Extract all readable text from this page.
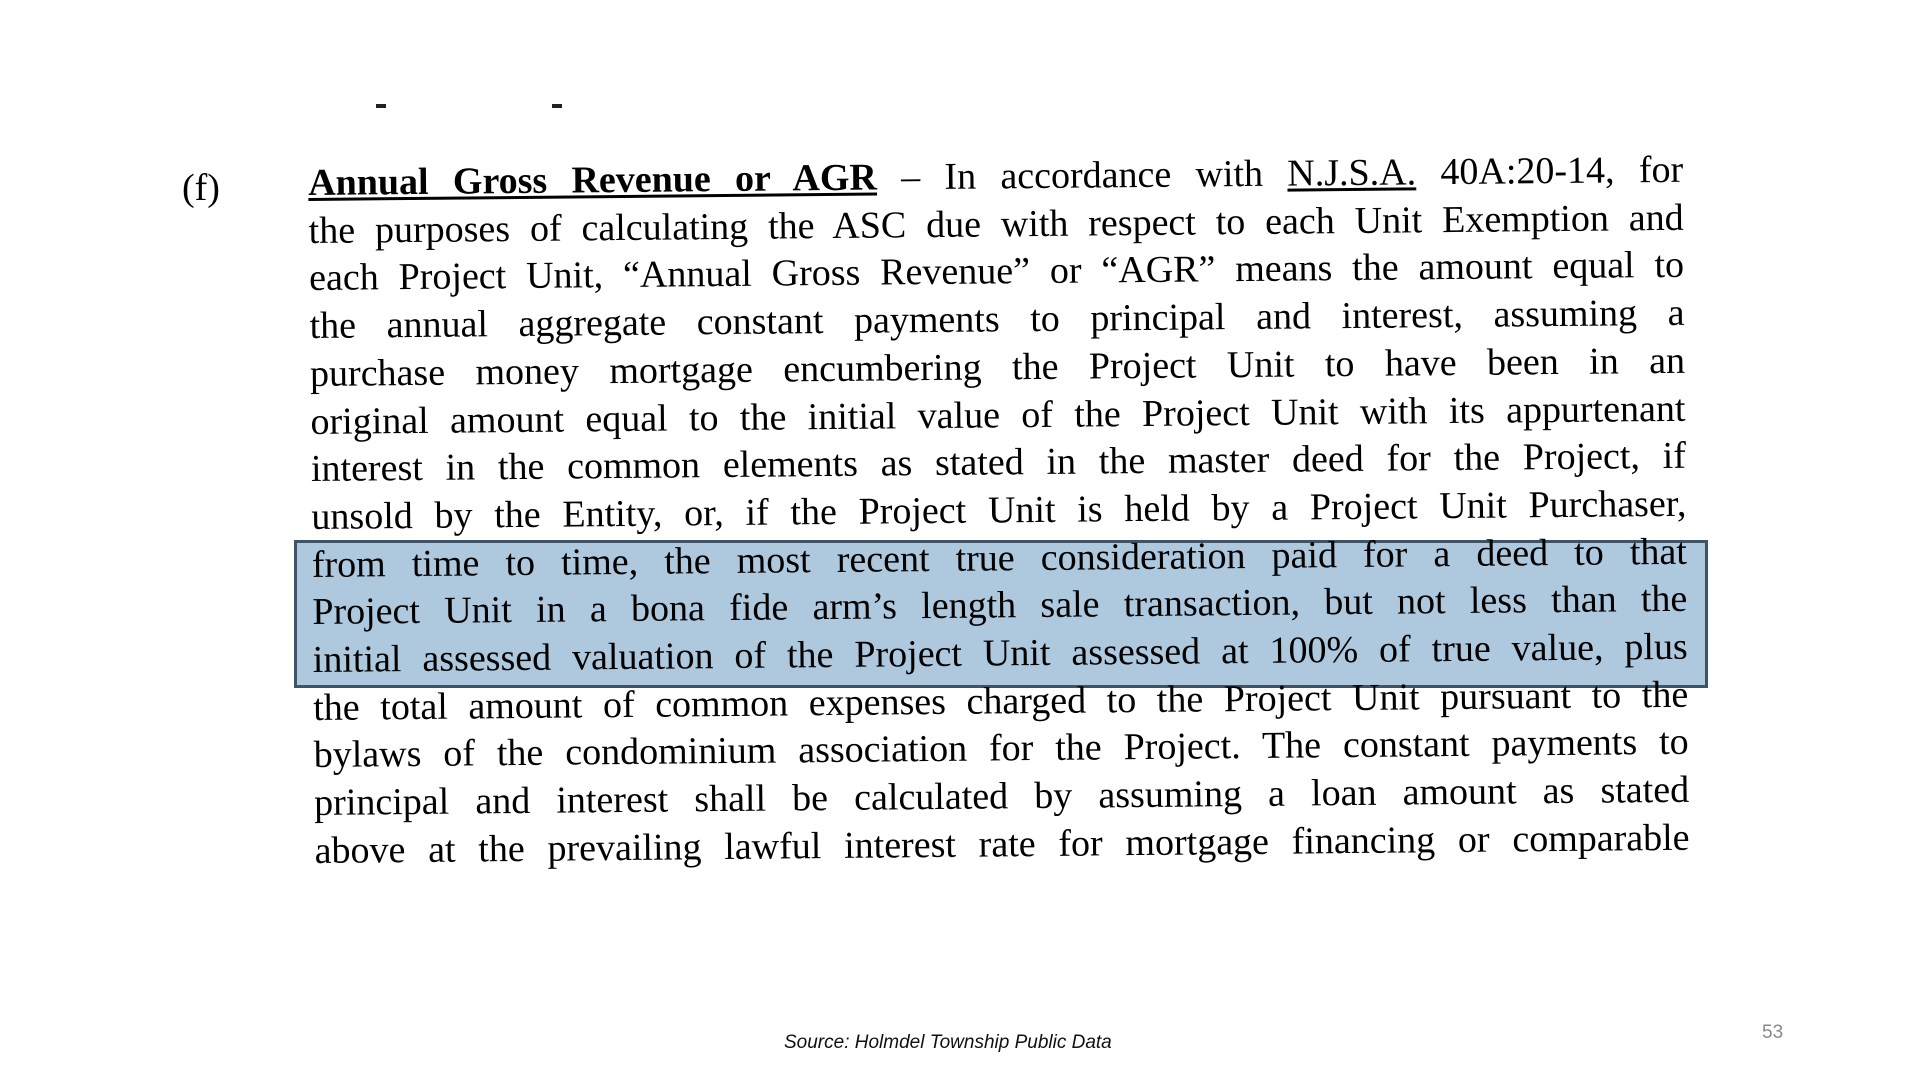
(f) Annual Gross Revenue or AGR – In accordance with N.J.S.A. 40A:20-14, for
the purposes of calculating the ASC due with respect to each Unit Exemption and
each Project Unit, “Annual Gross Revenue” or “AGR” means the amount equal to
the annual aggregate constant payments to principal and interest, assuming a
purchase money mortgage encumbering the Project Unit to have been in an
original amount equal to the initial value of the Project Unit with its appurtenant
interest in the common elements as stated in the master deed for the Project, if
unsold by the Entity, or, if the Project Unit is held by a Project Unit Purchaser,
from time to time, the most recent true consideration paid for a deed to that
Project Unit in a bona fide arm’s length sale transaction, but not less than the
initial assessed valuation of the Project Unit assessed at 100% of true value, plus
the total amount of common expenses charged to the Project Unit pursuant to the
bylaws of the condominium association for the Project. The constant payments to
principal and interest shall be calculated by assuming a loan amount as stated
above at the prevailing lawful interest rate for mortgage financing or comparable
Source: Holmdel Township Public Data	53
